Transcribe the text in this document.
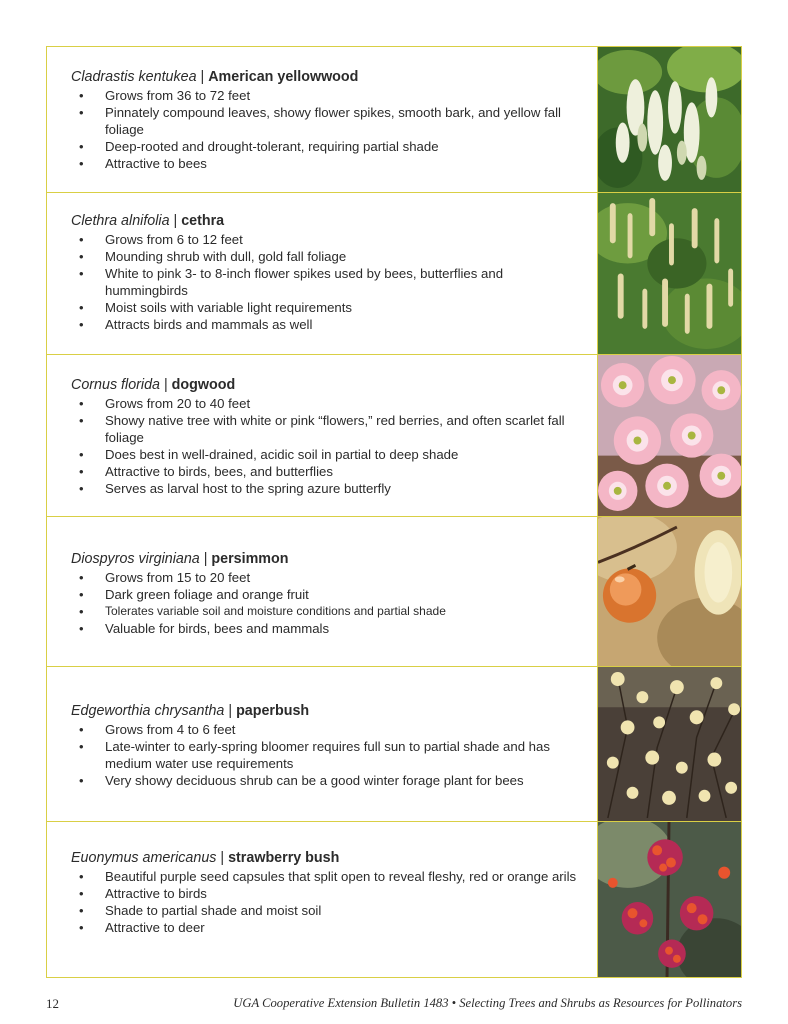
Cladrastis kentukea | American yellowwood

• Grows from 36 to 72 feet
• Pinnately compound leaves, showy flower spikes, smooth bark, and yellow fall foliage
• Deep-rooted and drought-tolerant, requiring partial shade
• Attractive to bees

Clethra alnifolia | cethra

• Grows from 6 to 12 feet
• Mounding shrub with dull, gold fall foliage
• White to pink 3- to 8-inch flower spikes used by bees, butterflies and hummingbirds
• Moist soils with variable light requirements
• Attracts birds and mammals as well

Cornus florida | dogwood

• Grows from 20 to 40 feet
• Showy native tree with white or pink “flowers,” red berries, and often scarlet fall foliage
• Does best in well-drained, acidic soil in partial to deep shade
• Attractive to birds, bees, and butterflies
• Serves as larval host to the spring azure butterfly

Diospyros virginiana | persimmon

• Grows from 15 to 20 feet
• Dark green foliage and orange fruit
• Tolerates variable soil and moisture conditions and partial shade
• Valuable for birds, bees and mammals

Edgeworthia chrysantha | paperbush

• Grows from 4 to 6 feet
• Late-winter to early-spring bloomer requires full sun to partial shade and has medium water use requirements
• Very showy deciduous shrub can be a good winter forage plant for bees

Euonymus americanus | strawberry bush

• Beautiful purple seed capsules that split open to reveal fleshy, red or orange arils
• Attractive to birds
• Shade to partial shade and moist soil
• Attractive to deer
12	UGA Cooperative Extension Bulletin 1483 • Selecting Trees and Shrubs as Resources for Pollinators
